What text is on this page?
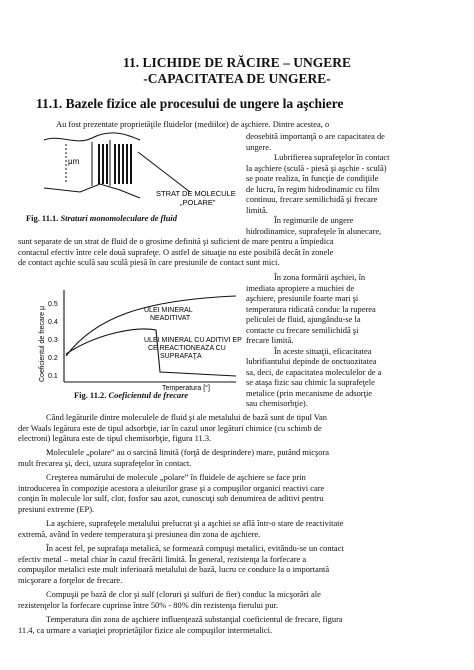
11. LICHIDE DE RĂCIRE – UNGERE
-CAPACITATEA DE UNGERE-
11.1. Bazele fizice ale procesului de ungere la aşchiere
μm
STRAT DE MOLECULE
„POLARE”
Fig. 11.1. Straturi monomoleculare de fluid
0.5
0.4
0.3
0.2
0.1
Coeficientul de frecare μ
Temperatura [°]
ULEI MINERAL
NEADITIVAT
ULEI MINERAL CU ADITIVI EP
CE REACTIONEAZA CU
SUPRAFAŢA
Fig. 11.2. Coeficientul de frecare
Au fost prezentate proprietăţile fluidelor (mediilor) de aşchiere. Dintre acestea, o
deosebită importanţă o are capacitatea de
ungere.
Lubrifierea suprafeţelor în contact
la aşchiere (sculă - piesă şi aşchie - sculă)
se poate realiza, în funcţie de condiţiile
de lucru, în regim hidrodinamic cu film
continuu, frecare semilichidă şi frecare
limită.
În regimurile de ungere
hidrodinamice, suprafeţele în alunecare,
sunt separate de un strat de fluid de o grosime definită şi suficient de mare pentru a împiedica
contactul efectiv între cele două suprafeţe. O astfel de situaţie nu este posibilă decât în zonele
de contact aşchie sculă sau sculă piesă în care presiunile de contact sunt mici.
În zona formării aşchiei, în
imediata apropiere a muchiei de
aşchiere, presiunile foarte mari şi
temperatura ridicată conduc la ruperea
peliculei de fluid, ajungându-se la
contacte cu frecare semilichidă şi
frecare limită.
În aceste situaţii, eficacitatea
lubrifiantului depinde de onctuozitatea
sa, deci, de capacitatea moleculelor de a
se ataşa fizic sau chimic la suprafeţele
metalice (prin mecanisme de adsorţie
sau chemisorbţie).
Când legăturile dintre moleculele de fluid şi ale metalului de bază sunt de tipul Van
der Waals legătura este de tipul adsorbţie, iar în cazul unor legături chimice (cu schimb de
electroni) legătura este de tipul chemisorbţie, figura 11.3.
Moleculele „polare” au o sarcină limită (forţă de desprindere) mare, putând micşora
mult frecarea şi, deci, uzura suprafeţelor în contact.
Creşterea numărului de molecule „polare” în fluidele de aşchiere se face prin
introducerea în compoziţie acestora a uleiurilor grase şi a compuşilor organici reactivi care
conţin în molecule lor sulf, clor, fosfor sau azot, cunoscuţi sub denumirea de aditivi pentru
presiuni extreme (EP).
La aşchiere, suprafeţele metalului prelucrat şi a aşchiei se află într-o stare de reactivitate
extremă, având în vedere temperatura şi presiunea din zona de aşchiere.
În acest fel, pe suprafaţa metalică, se formează compuşi metalici, evitându-se un contact
efectiv metal – metal chiar în cazul frecării limită. În general, rezistenţa la forfecare a
compuşilor metalici este mult inferioară metalului de bază, lucru ce conduce la o importantă
micşorare a forţelor de frecare.
Compuşii pe bază de clor şi sulf (cloruri şi sulfuri de fier) conduc la micşorări ale
rezistenţelor la forfecare cuprinse între 50% - 80% din rezistenţa fierului pur.
Temperatura din zona de aşchiere influenţează substanţial coeficientul de frecare, figura
11.4, ca urmare a variaţiei proprietăţilor fizice ale compuşilor intermetalici.
